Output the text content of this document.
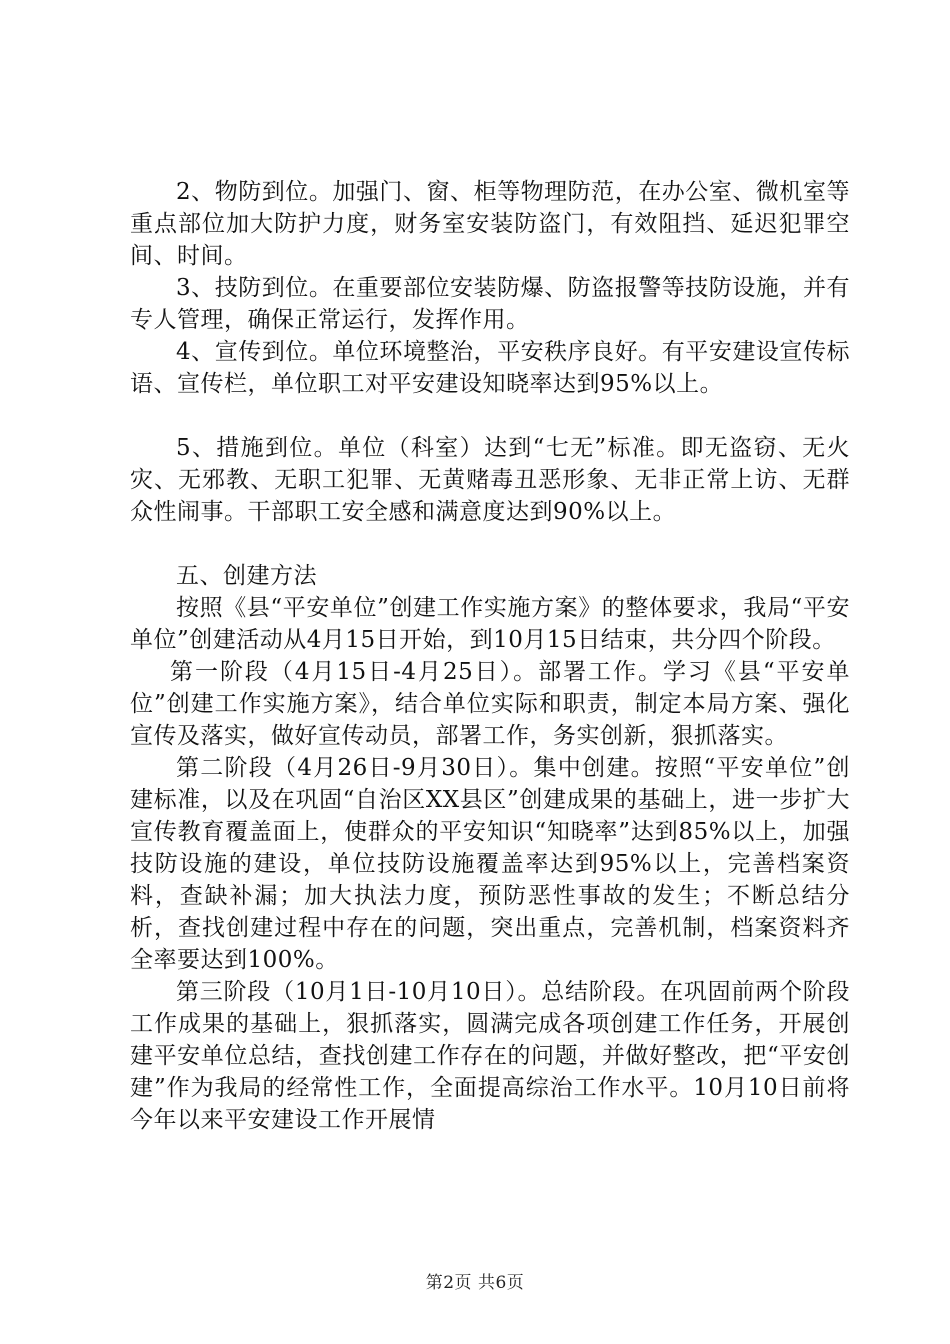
2、物防到位。加强门、窗、柜等物理防范，在办公室、微机室等重点部位加大防护力度，财务室安装防盗门，有效阻挡、延迟犯罪空间、时间。

3、技防到位。在重要部位安装防爆、防盗报警等技防设施，并有专人管理，确保正常运行，发挥作用。

4、宣传到位。单位环境整治，平安秩序良好。有平安建设宣传标语、宣传栏，单位职工对平安建设知晓率达到95%以上。

5、措施到位。单位（科室）达到“七无”标准。即无盗窃、无火灾、无邪教、无职工犯罪、无黄赌毒丑恶形象、无非正常上访、无群众性闹事。干部职工安全感和满意度达到90%以上。

五、创建方法

按照《县“平安单位”创建工作实施方案》的整体要求，我局“平安单位”创建活动从4月15日开始，到10月15日结束，共分四个阶段。

第一阶段（4月15日-4月25日）。部署工作。学习《县“平安单位”创建工作实施方案》，结合单位实际和职责，制定本局方案、强化宣传及落实，做好宣传动员，部署工作，务实创新，狠抓落实。

第二阶段（4月26日-9月30日）。集中创建。按照“平安单位”创建标准，以及在巩固“自治区XX县区”创建成果的基础上，进一步扩大宣传教育覆盖面上，使群众的平安知识“知晓率”达到85%以上，加强技防设施的建设，单位技防设施覆盖率达到95%以上，完善档案资料，查缺补漏；加大执法力度，预防恶性事故的发生；不断总结分析，查找创建过程中存在的问题，突出重点，完善机制，档案资料齐全率要达到100%。

第三阶段（10月1日-10月10日）。总结阶段。在巩固前两个阶段工作成果的基础上，狠抓落实，圆满完成各项创建工作任务，开展创建平安单位总结，查找创建工作存在的问题，并做好整改，把“平安创建”作为我局的经常性工作，全面提高综治工作水平。10月10日前将今年以来平安建设工作开展情

第2页 共6页
